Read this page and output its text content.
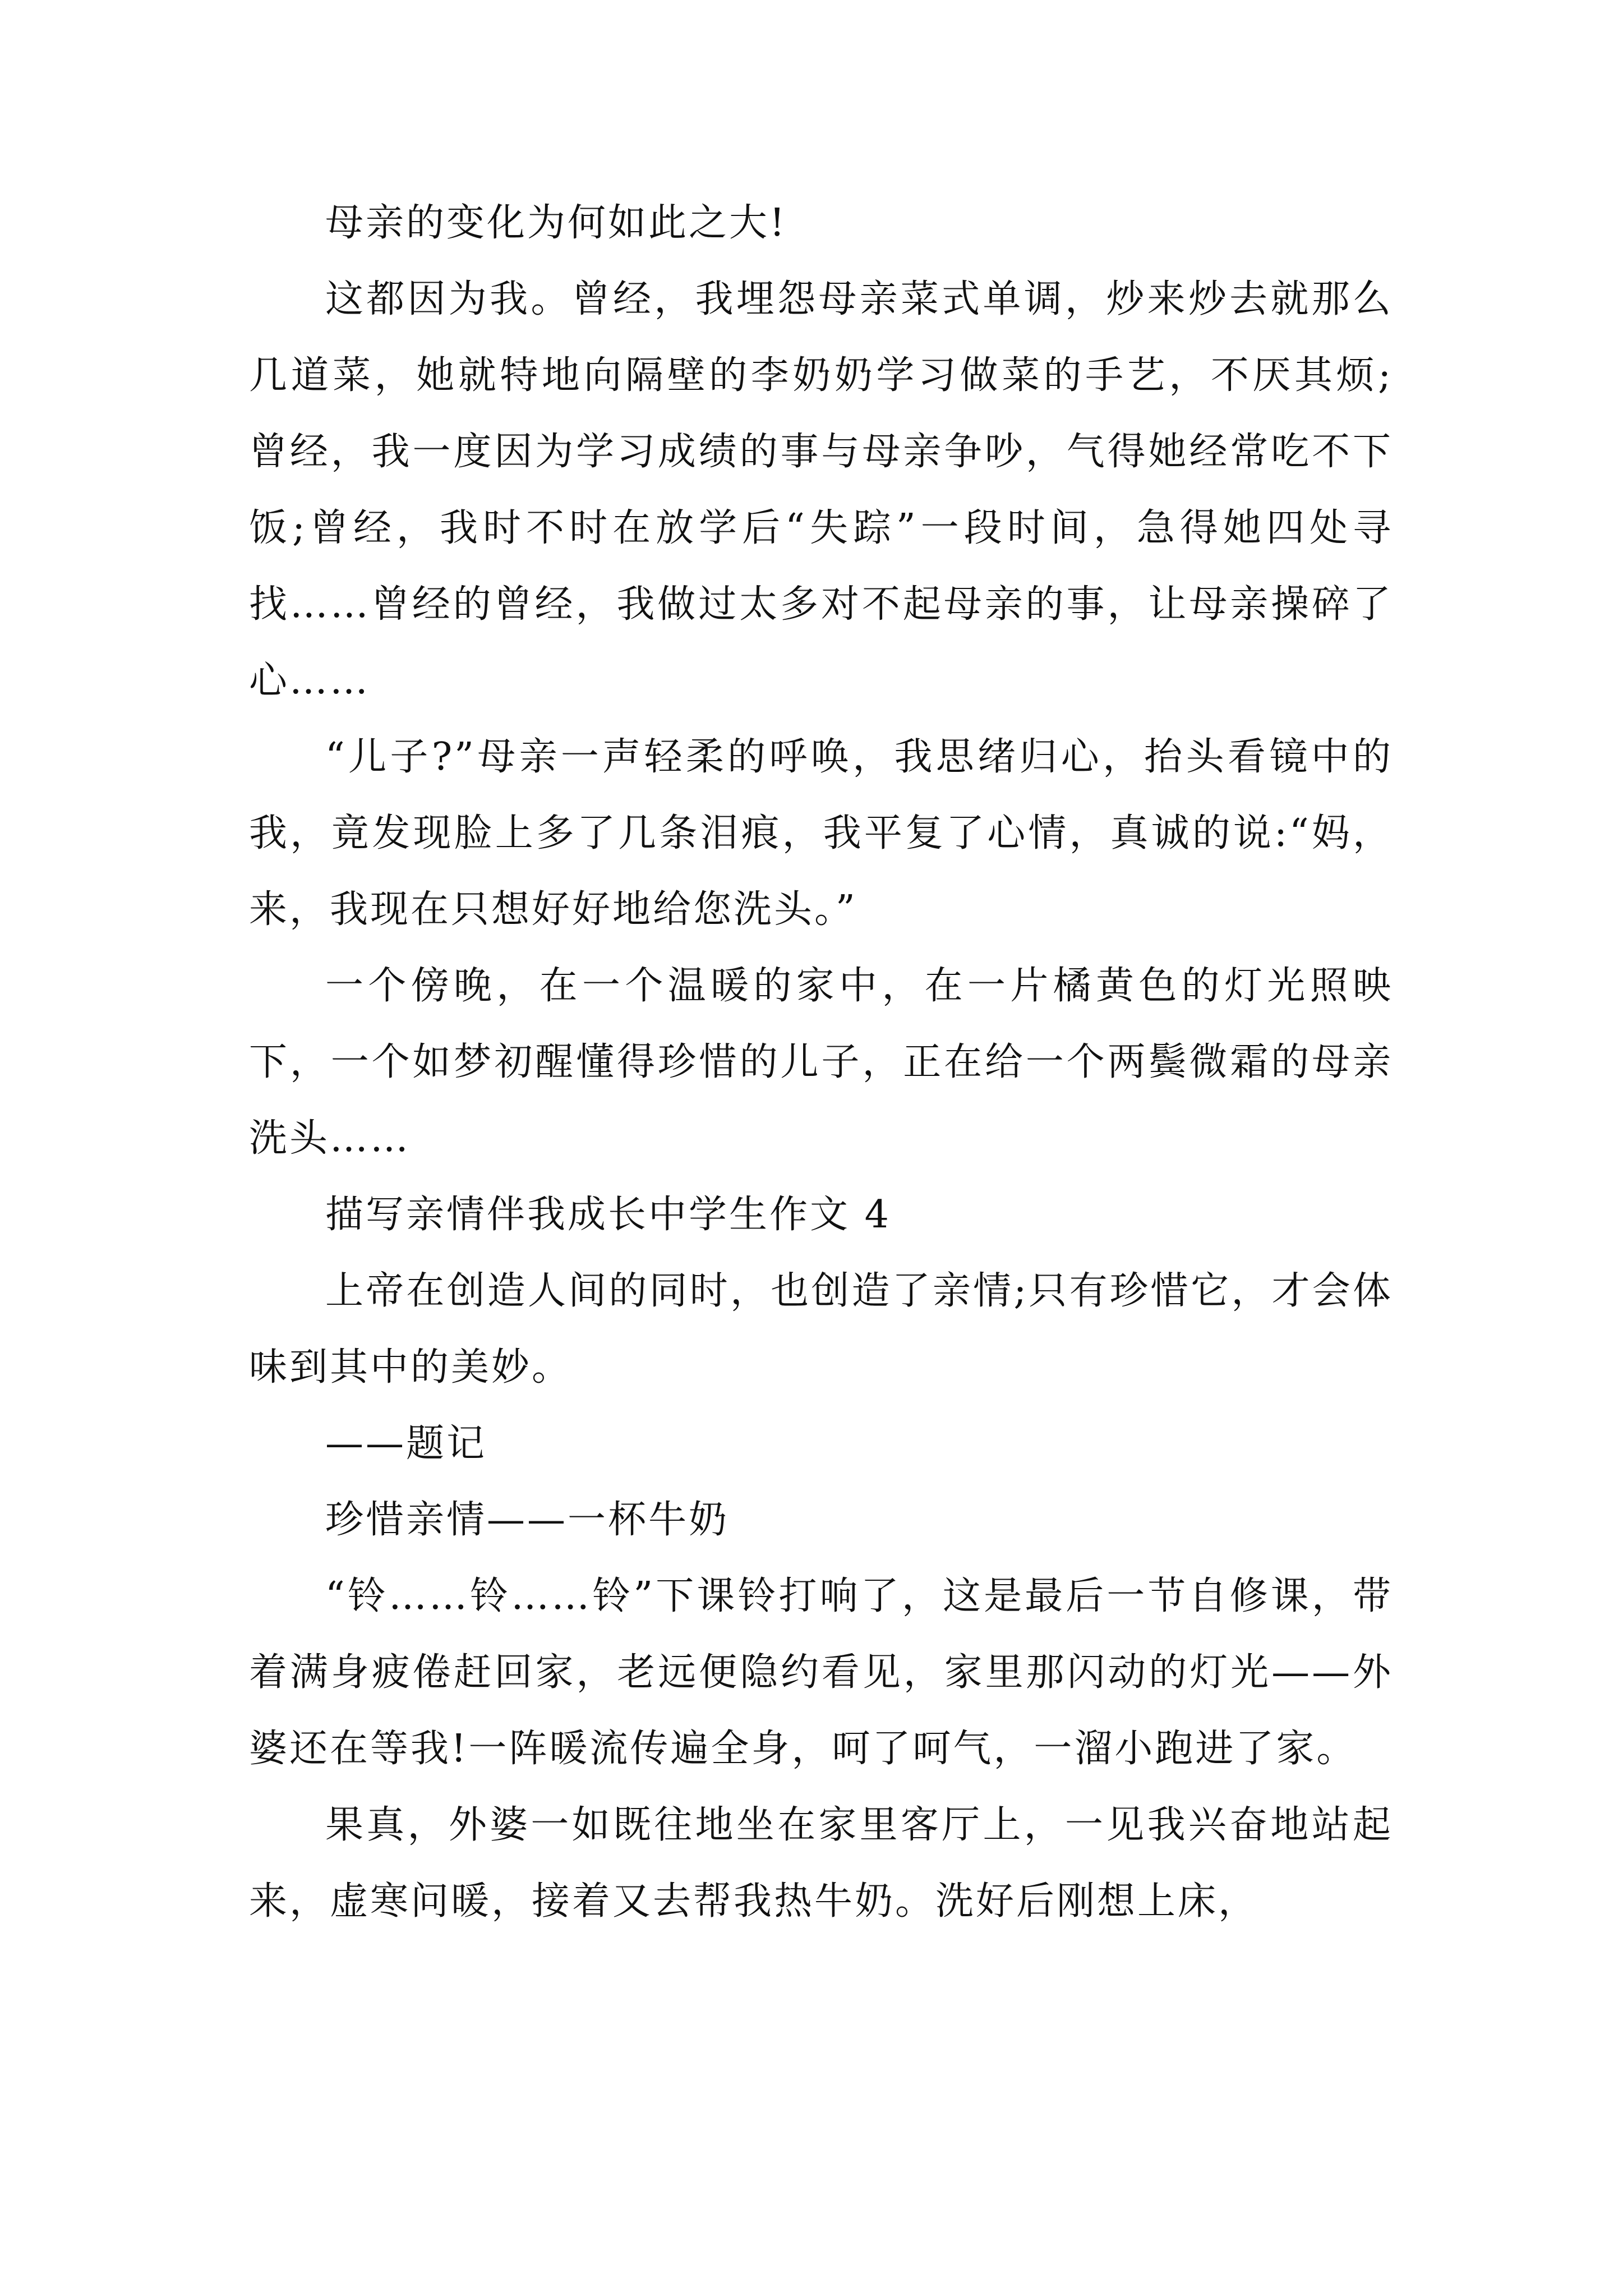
母亲的变化为何如此之大!

这都因为我。曾经，我埋怨母亲菜式单调，炒来炒去就那么几道菜，她就特地向隔壁的李奶奶学习做菜的手艺，不厌其烦;曾经，我一度因为学习成绩的事与母亲争吵，气得她经常吃不下饭;曾经，我时不时在放学后“失踪”一段时间，急得她四处寻找……曾经的曾经，我做过太多对不起母亲的事，让母亲操碎了心……

“儿子?”母亲一声轻柔的呼唤，我思绪归心，抬头看镜中的我，竟发现脸上多了几条泪痕，我平复了心情，真诚的说:“妈，来，我现在只想好好地给您洗头。”

一个傍晚，在一个温暖的家中，在一片橘黄色的灯光照映下，一个如梦初醒懂得珍惜的儿子，正在给一个两鬓微霜的母亲洗头……

描写亲情伴我成长中学生作文 4

上帝在创造人间的同时，也创造了亲情;只有珍惜它，才会体味到其中的美妙。

——题记

珍惜亲情——一杯牛奶

“铃……铃……铃”下课铃打响了，这是最后一节自修课，带着满身疲倦赶回家，老远便隐约看见，家里那闪动的灯光——外婆还在等我!一阵暖流传遍全身，呵了呵气，一溜小跑进了家。

果真，外婆一如既往地坐在家里客厅上，一见我兴奋地站起来，虚寒问暖，接着又去帮我热牛奶。洗好后刚想上床，
